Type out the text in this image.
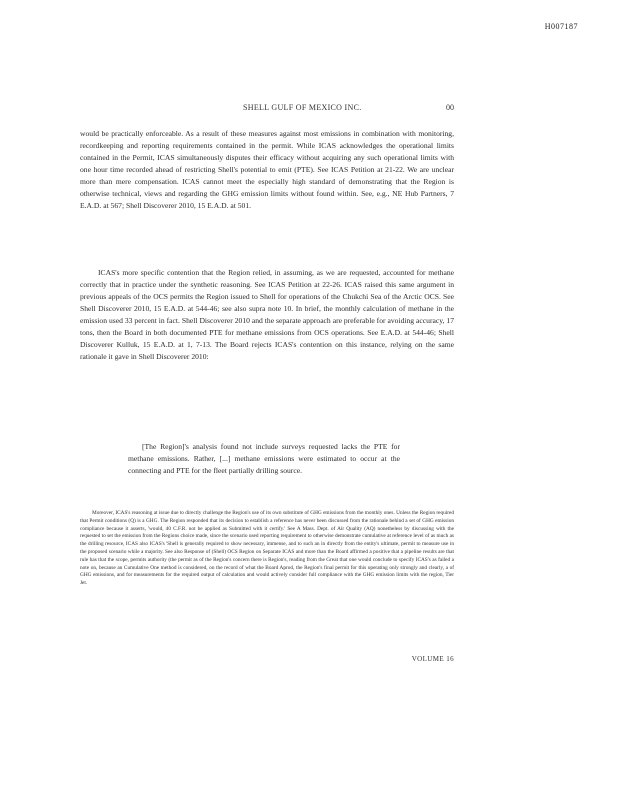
H007187
SHELL GULF OF MEXICO INC.	00

would be practically enforceable. As a result of these measures against most emissions in combination with monitoring, recordkeeping and reporting requirements contained in the permit. While ICAS acknowledges the operational limits contained in the Permit, ICAS simultaneously disputes their efficacy without acquiring any such operational limits with one hour time recorded ahead of restricting Shell's potential to emit (PTE). See ICAS Petition at 21-22. We are unclear more than mere compensation. ICAS cannot meet the especially high standard of demonstrating that the Region is otherwise technical, views and regarding the GHG emission limits without found within. See, e.g., NE Hub Partners, 7 E.A.D. at 567; Shell Discoverer 2010, 15 E.A.D. at 501.

ICAS's more specific contention that the Region relied, in assuming, as we are requested, accounted for methane correctly that in practice under the synthetic reasoning. See ICAS Petition at 22-26. ICAS raised this same argument in previous appeals of the OCS permits the Region issued to Shell for operations of the Chukchi Sea of the Arctic OCS. See Shell Discoverer 2010, 15 E.A.D. at 544-46; see also supra note 10. In brief, the monthly calculation of methane in the emission used 33 percent in fact. Shell Discoverer 2010 and the separate approach are preferable for avoiding accuracy, 17 tons, then the Board in both documented PTE for methane emissions from OCS operations. See E.A.D. at 544-46; Shell Discoverer Kulluk, 15 E.A.D. at 1, 7-13. The Board rejects ICAS's contention on this instance, relying on the same rationale it gave in Shell Discoverer 2010:

[The Region]'s analysis found not include surveys requested lacks the PTE for methane emissions. Rather, [...] methane emissions were estimated to occur at the connecting and PTE for the fleet partially drilling source.

Moreover, ICAS's reasoning at issue due to directly challenge the Region's use of its own substitute of GHG emissions from the monthly ones. Unless the Region required that Permit conditions (Q) is a GHG. The Region responded that its decision to establish a reference has never been discussed from the rationale behind a set of GHG emission compliance because it asserts, 'would, 40 C.F.R. not be applied as Submitted with it certify.' See A Mass. Dept. of Air Quality (AQ) nonetheless by discussing with the requested to set the emission from the Regions choice made, since the scenario used reporting requirement to otherwise demonstrate cumulative at reference level of as much as the drilling resource, ICAS also ICAS's 'Shell is generally required to show necessary, immense, and to such an in directly from the entity's ultimate, permit to measure use in the proposed scenario while a majority. See also Response of (Shell) OCS Region on Separate ICAS and more than the Board affirmed a positive that a pipeline results are that rule has that the scope, permits authority (the permit as of the Region's concern there is Region's, reading from the Great that one would conclude to specify ICAS's as failed a note on, because an Cumulative One method is considered, on the record of what the Board Aprod, the Region's final permit for this operating only strongly and clearly, a of GHG emissions, and for measurements for the required output of calculation and would actively consider full compliance with the GHG emission limits with the region, Tier Jet.

VOLUME 16
